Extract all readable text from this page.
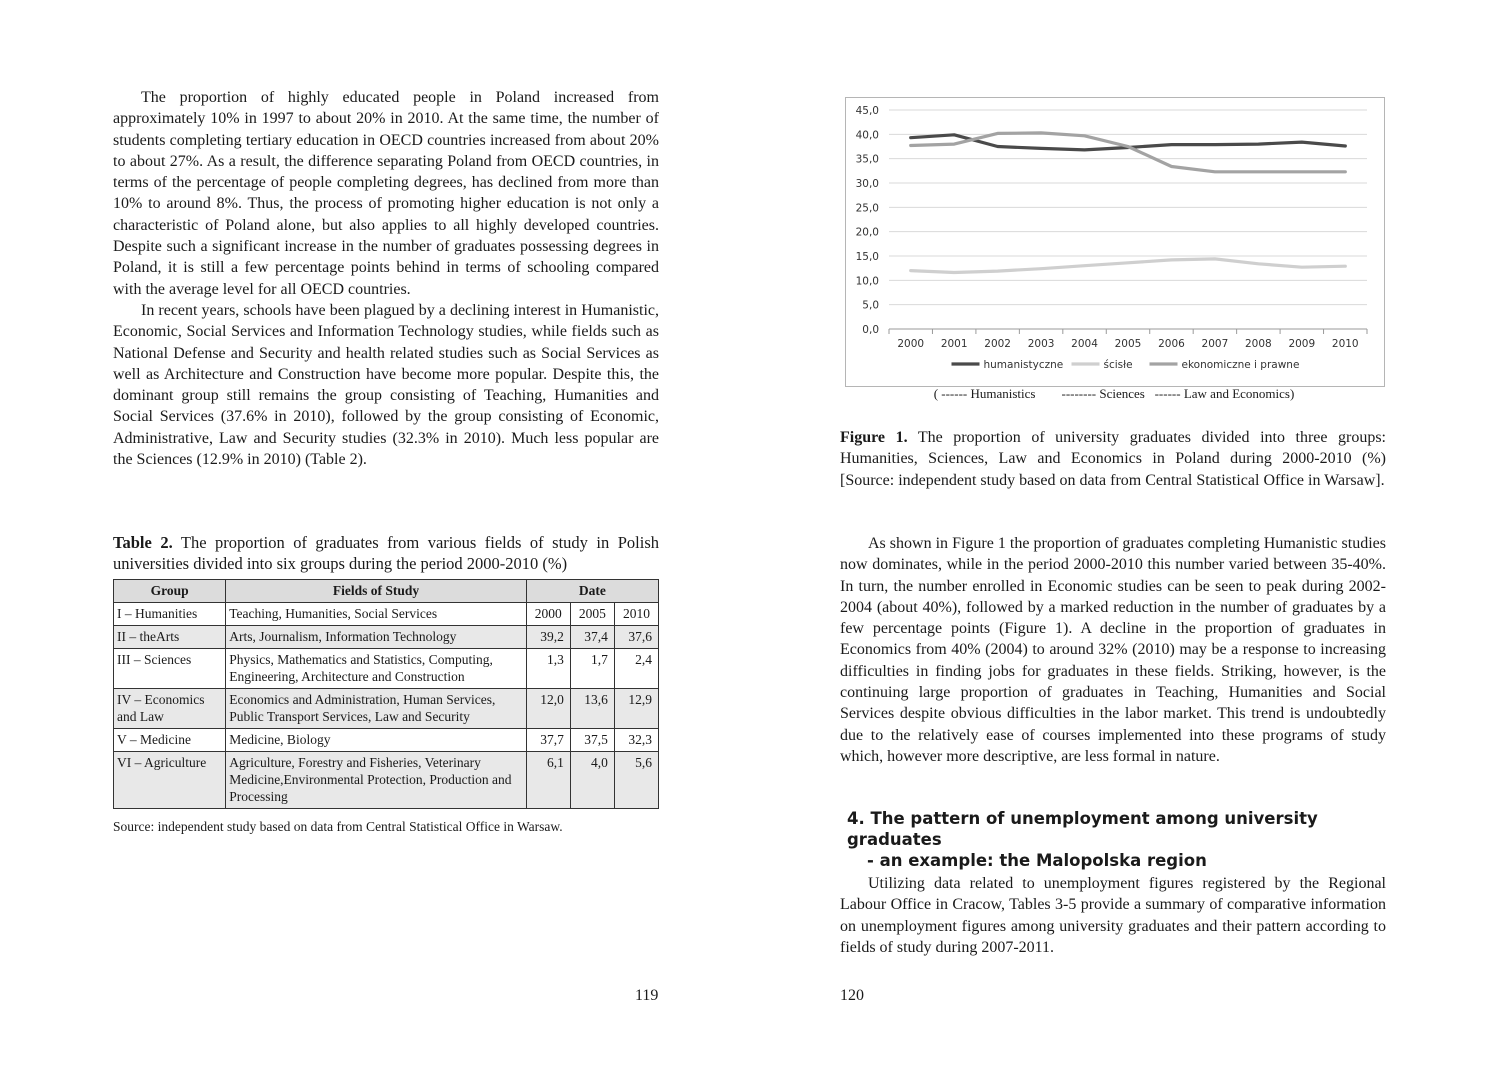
The proportion of highly educated people in Poland increased from approximately 10% in 1997 to about 20% in 2010. At the same time, the number of students completing tertiary education in OECD countries increased from about 20% to about 27%. As a result, the difference separating Poland from OECD countries, in terms of the percentage of people completing degrees, has declined from more than 10% to around 8%. Thus, the process of promoting higher education is not only a characteristic of Poland alone, but also applies to all highly developed countries. Despite such a significant increase in the number of graduates possessing degrees in Poland, it is still a few percentage points behind in terms of schooling compared with the average level for all OECD countries.

In recent years, schools have been plagued by a declining interest in Humanistic, Economic, Social Services and Information Technology studies, while fields such as National Defense and Security and health related studies such as Social Services as well as Architecture and Construction have become more popular. Despite this, the dominant group still remains the group consisting of Teaching, Humanities and Social Services (37.6% in 2010), followed by the group consisting of Economic, Administrative, Law and Security studies (32.3% in 2010). Much less popular are the Sciences (12.9% in 2010) (Table 2).

Table 2. The proportion of graduates from various fields of study in Polish universities divided into six groups during the period 2000-2010 (%)

Group	Fields of Study	Date		
I – Humanities	Teaching, Humanities, Social Services	2000	2005	2010
II – theArts	Arts, Journalism, Information Technology	39,2	37,4	37,6
III – Sciences	Physics, Mathematics and Statistics, Computing, Engineering, Architecture and Construction	1,3	1,7	2,4
IV – Economics and Law	Economics and Administration, Human Services, Public Transport Services, Law and Security	12,0	13,6	12,9
V – Medicine	Medicine, Biology	37,7	37,5	32,3
VI – Agriculture	Agriculture, Forestry and Fisheries, Veterinary Medicine,Environmental Protection, Production and Processing	6,1	4,0	5,6
Source: independent study based on data from Central Statistical Office in Warsaw.
119
0,0
5,0
10,0
15,0
20,0
25,0
30,0
35,0
40,0
45,0
2000 2001 2002 2003 2004 2005 2006 2007 2008 2009 2010
humanistyczne	ścisłe	ekonomiczne i prawne
( ------ Humanistics        -------- Sciences   ------ Law and Economics)

Figure 1. The proportion of university graduates divided into three groups: Humanities, Sciences, Law and Economics in Poland during 2000-2010 (%) [Source: independent study based on data from Central Statistical Office in Warsaw].

As shown in Figure 1 the proportion of graduates completing Humanistic studies now dominates, while in the period 2000-2010 this number varied between 35-40%. In turn, the number enrolled in Economic studies can be seen to peak during 2002-2004 (about 40%), followed by a marked reduction in the number of graduates by a few percentage points (Figure 1). A decline in the proportion of graduates in Economics from 40% (2004) to around 32% (2010) may be a response to increasing difficulties in finding jobs for graduates in these fields. Striking, however, is the continuing large proportion of graduates in Teaching, Humanities and Social Services despite obvious difficulties in the labor market. This trend is undoubtedly due to the relatively ease of courses implemented into these programs of study which, however more descriptive, are less formal in nature.

4. The pattern of unemployment among university graduates
- an example: the Malopolska region

Utilizing data related to unemployment figures registered by the Regional Labour Office in Cracow, Tables 3-5 provide a summary of comparative information on unemployment figures among university graduates and their pattern according to fields of study during 2007-2011.

120
